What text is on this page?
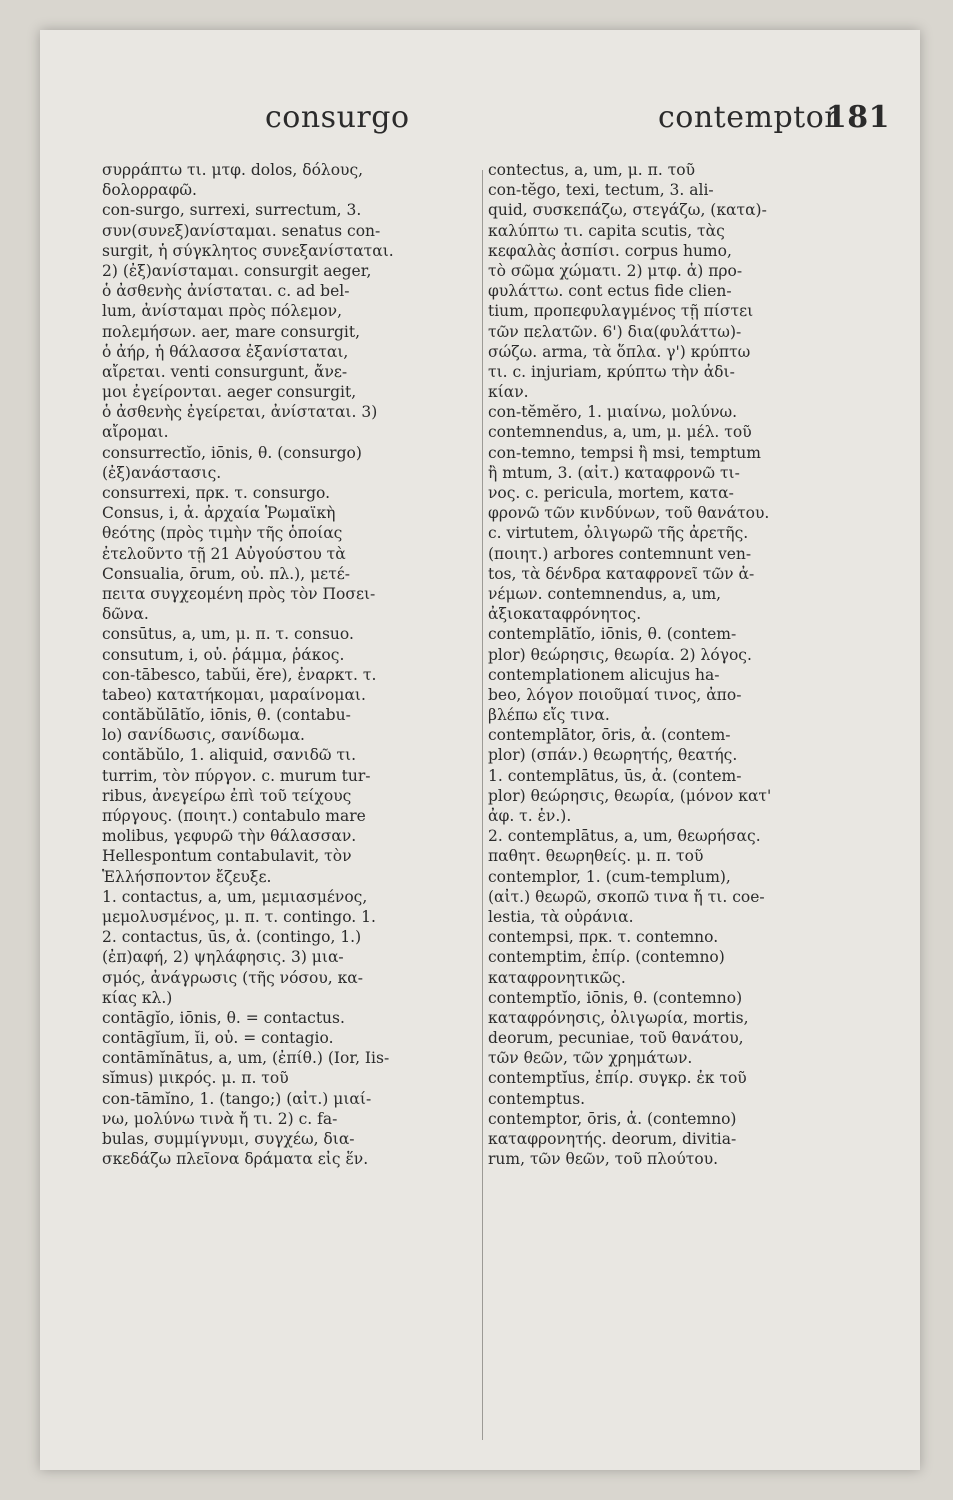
consurgo	contemptor
181
συρράπτω τι. μτφ. dolos, δόλους,
δολορραφῶ.
con-surgo, surrexi, surrectum, 3.
συν(συνεξ)ανίσταμαι. senatus con-
surgit, ἡ σύγκλητος συνεξανίσταται.
2) (ἐξ)ανίσταμαι. consurgit aeger,
ὁ ἀσθενὴς ἀνίσταται. c. ad bel-
lum, ἀνίσταμαι πρὸς πόλεμον,
πολεμήσων. aer, mare consurgit,
ὁ ἀήρ, ἡ θάλασσα ἐξανίσταται,
αἴρεται. venti consurgunt, ἄνε-
μοι ἐγείρονται. aeger consurgit,
ὁ ἀσθενὴς ἐγείρεται, ἀνίσταται. 3)
αἴρομαι.
consurrectĭo, iōnis, θ. (consurgo)
(ἐξ)ανάστασις.
consurrexi, πρκ. τ. consurgo.
Consus, i, ἀ. ἀρχαία Ῥωμαϊκὴ
θεότης (πρὸς τιμὴν τῆς ὁποίας
ἐτελοῦντο τῇ 21 Αὐγούστου τὰ
Consualia, ōrum, οὐ. πλ.), μετέ-
πειτα συγχεομένη πρὸς τὸν Ποσει-
δῶνα.
consūtus, a, um, μ. π. τ. consuo.
consutum, i, οὐ. ῥάμμα, ῥάκος.
con-tābesco, tabŭi, ĕre), ἐναρκτ. τ.
tabeo) κατατήκομαι, μαραίνομαι.
contăbŭlātĭo, iōnis, θ. (contabu-
lo) σανίδωσις, σανίδωμα.
contăbŭlo, 1. aliquid, σανιδῶ τι.
turrim, τὸν πύργον. c. murum tur-
ribus, ἀνεγείρω ἐπὶ τοῦ τείχους
πύργους. (ποιητ.) contabulo mare
molibus, γεφυρῶ τὴν θάλασσαν.
Hellespontum contabulavit, τὸν
Ἑλλήσποντον ἔζευξε.
1. contactus, a, um, μεμιασμένος,
μεμολυσμένος, μ. π. τ. contingo. 1.
2. contactus, ūs, ἀ. (contingo, 1.)
(ἐπ)αφή, 2) ψηλάφησις. 3) μια-
σμός, ἀνάγρωσις (τῆς νόσου, κα-
κίας κλ.)
contāgĭo, iōnis, θ. = contactus.
contāgĭum, ĭi, οὐ. = contagio.
contāmĭnātus, a, um, (ἐπίθ.) (Ior, Iis-
sĭmus) μικρός. μ. π. τοῦ
con-tāmĭno, 1. (tango;) (αἰτ.) μιαί-
νω, μολύνω τινὰ ἤ τι. 2) c. fa-
bulas, συμμίγνυμι, συγχέω, δια-
σκεδάζω πλεῖονα δράματα εἰς ἕν.
contectus, a, um, μ. π. τοῦ
con-tĕgo, texi, tectum, 3. ali-
quid, συσκεπάζω, στεγάζω, (κατα)-
καλύπτω τι. capita scutis, τὰς
κεφαλὰς ἀσπίσι. corpus humo,
τὸ σῶμα χώματι. 2) μτφ. ἁ) προ-
φυλάττω. cont ectus fide clien-
tium, προπεφυλαγμένος τῇ πίστει
τῶν πελατῶν. 6') δια(φυλάττω)-
σώζω. arma, τὰ ὅπλα. γ') κρύπτω
τι. c. injuriam, κρύπτω τὴν ἀδι-
κίαν.
con-tĕmĕro, 1. μιαίνω, μολύνω.
contemnendus, a, um, μ. μέλ. τοῦ
con-temno, tempsi ἢ msi, temptum
ἢ mtum, 3. (αἰτ.) καταφρονῶ τι-
νος. c. pericula, mortem, κατα-
φρονῶ τῶν κινδύνων, τοῦ θανάτου.
c. virtutem, ὀλιγωρῶ τῆς ἀρετῆς.
(ποιητ.) arbores contemnunt ven-
tos, τὰ δένδρα καταφρονεῖ τῶν ἀ-
νέμων. contemnendus, a, um,
ἀξιοκαταφρόνητος.
contemplātĭo, iōnis, θ. (contem-
plor) θεώρησις, θεωρία. 2) λόγος.
contemplationem alicujus ha-
beo, λόγον ποιοῦμαί τινος, ἀπο-
βλέπω εἴς τινα.
contemplātor, ōris, ἀ. (contem-
plor) (σπάν.) θεωρητής, θεατής.
1. contemplātus, ūs, ἀ. (contem-
plor) θεώρησις, θεωρία, (μόνον κατ'
ἀφ. τ. ἑν.).
2. contemplātus, a, um, θεωρήσας.
παθητ. θεωρηθείς. μ. π. τοῦ
contemplor, 1. (cum-templum),
(αἰτ.) θεωρῶ, σκοπῶ τινα ἤ τι. coe-
lestia, τὰ οὐράνια.
contempsi, πρκ. τ. contemno.
contemptim, ἐπίρ. (contemno)
καταφρονητικῶς.
contemptĭo, iōnis, θ. (contemno)
καταφρόνησις, ὀλιγωρία, mortis,
deorum, pecuniae, τοῦ θανάτου,
τῶν θεῶν, τῶν χρημάτων.
contemptĭus, ἐπίρ. συγκρ. ἐκ τοῦ
contemptus.
contemptor, ōris, ἀ. (contemno)
καταφρονητής. deorum, divitia-
rum, τῶν θεῶν, τοῦ πλούτου.
